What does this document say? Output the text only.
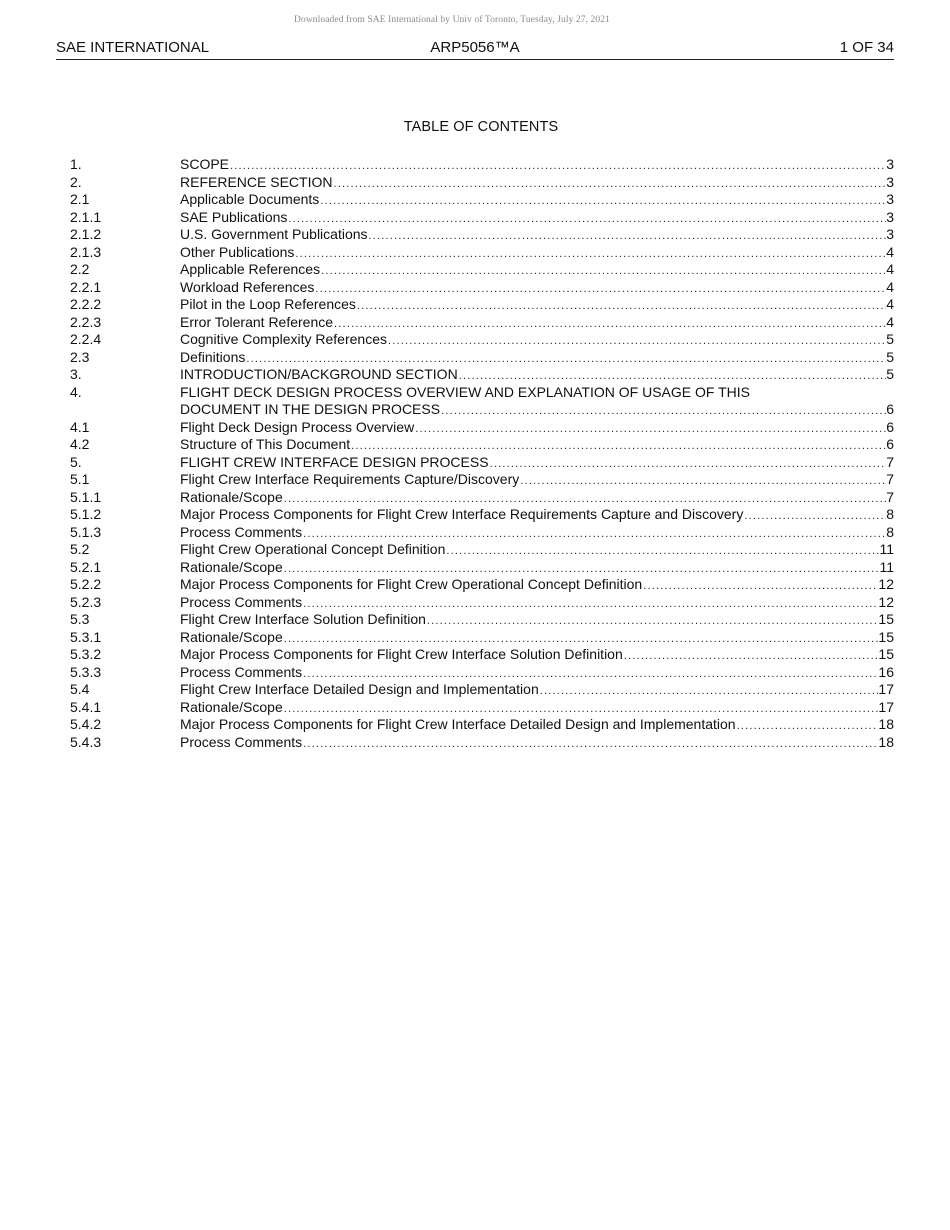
Downloaded from SAE International by Univ of Toronto, Tuesday, July 27, 2021
SAE INTERNATIONAL	ARP5056™A	1 OF 34
TABLE OF CONTENTS
1.	SCOPE .....	3
2.	REFERENCE SECTION .....	3
2.1	Applicable Documents .....	3
2.1.1	SAE Publications .....	3
2.1.2	U.S. Government Publications .....	3
2.1.3	Other Publications .....	4
2.2	Applicable References .....	4
2.2.1	Workload References .....	4
2.2.2	Pilot in the Loop References .....	4
2.2.3	Error Tolerant Reference .....	4
2.2.4	Cognitive Complexity References .....	5
2.3	Definitions .....	5
3.	INTRODUCTION/BACKGROUND SECTION .....	5
4.	FLIGHT DECK DESIGN PROCESS OVERVIEW AND EXPLANATION OF USAGE OF THIS
DOCUMENT IN THE DESIGN PROCESS .....	6
4.1	Flight Deck Design Process Overview .....	6
4.2	Structure of This Document .....	6
5.	FLIGHT CREW INTERFACE DESIGN PROCESS .....	7
5.1	Flight Crew Interface Requirements Capture/Discovery .....	7
5.1.1	Rationale/Scope .....	7
5.1.2	Major Process Components for Flight Crew Interface Requirements Capture and Discovery .....	8
5.1.3	Process Comments .....	8
5.2	Flight Crew Operational Concept Definition .....	11
5.2.1	Rationale/Scope .....	11
5.2.2	Major Process Components for Flight Crew Operational Concept Definition .....	12
5.2.3	Process Comments .....	12
5.3	Flight Crew Interface Solution Definition .....	15
5.3.1	Rationale/Scope .....	15
5.3.2	Major Process Components for Flight Crew Interface Solution Definition .....	15
5.3.3	Process Comments .....	16
5.4	Flight Crew Interface Detailed Design and Implementation .....	17
5.4.1	Rationale/Scope .....	17
5.4.2	Major Process Components for Flight Crew Interface Detailed Design and Implementation .....	18
5.4.3	Process Comments .....	18
